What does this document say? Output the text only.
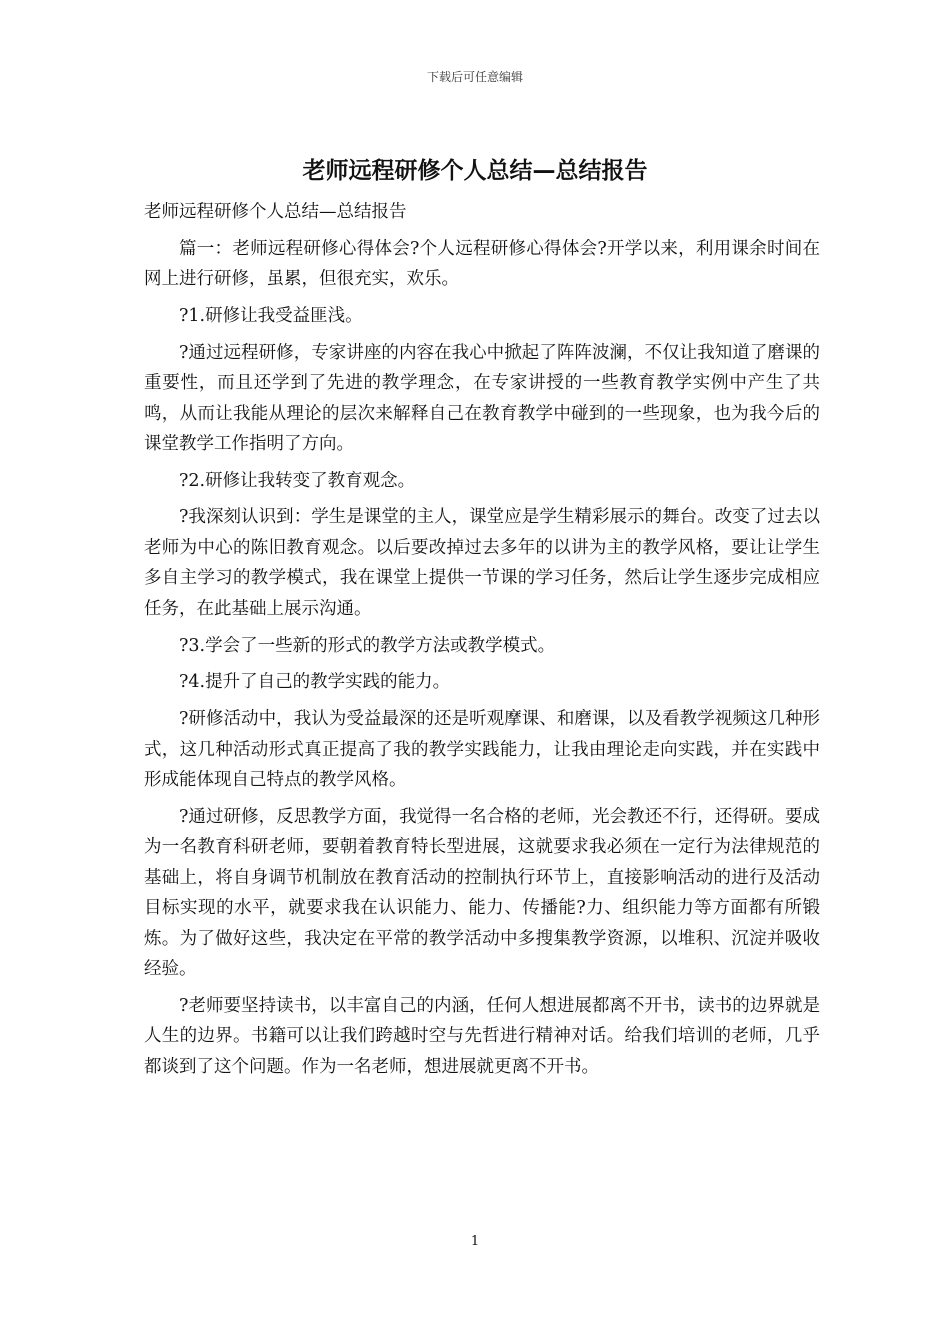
下载后可任意编辑
老师远程研修个人总结—总结报告

老师远程研修个人总结—总结报告

篇一：老师远程研修心得体会?个人远程研修心得体会?开学以来，利用课余时间在网上进行研修，虽累，但很充实，欢乐。

?1.研修让我受益匪浅。

?通过远程研修，专家讲座的内容在我心中掀起了阵阵波澜，不仅让我知道了磨课的重要性，而且还学到了先进的教学理念，在专家讲授的一些教育教学实例中产生了共鸣，从而让我能从理论的层次来解释自己在教育教学中碰到的一些现象，也为我今后的课堂教学工作指明了方向。

?2.研修让我转变了教育观念。

?我深刻认识到：学生是课堂的主人，课堂应是学生精彩展示的舞台。改变了过去以老师为中心的陈旧教育观念。以后要改掉过去多年的以讲为主的教学风格，要让让学生多自主学习的教学模式，我在课堂上提供一节课的学习任务，然后让学生逐步完成相应任务，在此基础上展示沟通。

?3.学会了一些新的形式的教学方法或教学模式。

?4.提升了自己的教学实践的能力。

?研修活动中，我认为受益最深的还是听观摩课、和磨课，以及看教学视频这几种形式，这几种活动形式真正提高了我的教学实践能力，让我由理论走向实践，并在实践中形成能体现自己特点的教学风格。

?通过研修，反思教学方面，我觉得一名合格的老师，光会教还不行，还得研。要成为一名教育科研老师，要朝着教育特长型进展，这就要求我必须在一定行为法律规范的基础上，将自身调节机制放在教育活动的控制执行环节上，直接影响活动的进行及活动目标实现的水平，就要求我在认识能力、能力、传播能?力、组织能力等方面都有所锻炼。为了做好这些，我决定在平常的教学活动中多搜集教学资源，以堆积、沉淀并吸收经验。

?老师要坚持读书，以丰富自己的内涵，任何人想进展都离不开书，读书的边界就是人生的边界。书籍可以让我们跨越时空与先哲进行精神对话。给我们培训的老师，几乎都谈到了这个问题。作为一名老师，想进展就更离不开书。

1
